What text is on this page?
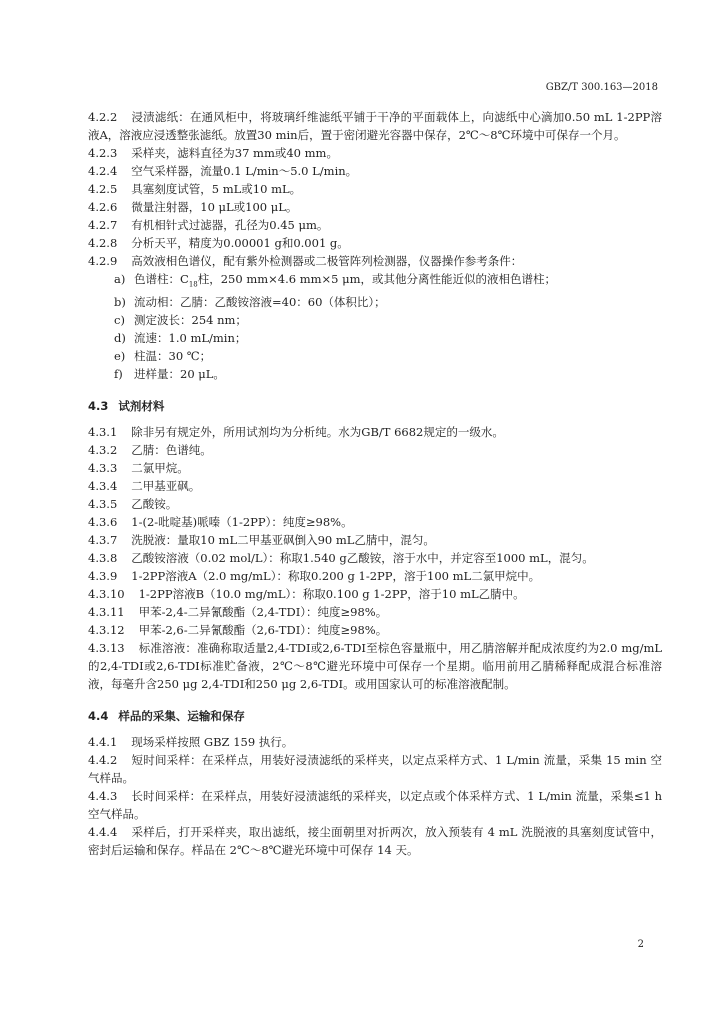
GBZ/T 300.163—2018

4.2.2 浸渍滤纸：在通风柜中，将玻璃纤维滤纸平铺于干净的平面载体上，向滤纸中心滴加0.50 mL 1-2PP溶液A，溶液应浸透整张滤纸。放置30 min后，置于密闭避光容器中保存，2℃～8℃环境中可保存一个月。

4.2.3 采样夹，滤料直径为37 mm或40 mm。

4.2.4 空气采样器，流量0.1 L/min～5.0 L/min。

4.2.5 具塞刻度试管，5 mL或10 mL。

4.2.6 微量注射器，10 μL或100 μL。

4.2.7 有机相针式过滤器，孔径为0.45 μm。

4.2.8 分析天平，精度为0.00001 g和0.001 g。

4.2.9 高效液相色谱仪，配有紫外检测器或二极管阵列检测器，仪器操作参考条件：

a) 色谱柱：$C_{18}$柱，250 mm×4.6 mm×5 μm，或其他分离性能近似的液相色谱柱；

b) 流动相：乙腈：乙酸铵溶液=40：60（体积比）；

c) 测定波长：254 nm；

d) 流速：1.0 mL/min；

e) 柱温：30 ℃；

f) 进样量：20 μL。

4.3 试剂材料

4.3.1 除非另有规定外，所用试剂均为分析纯。水为GB/T 6682规定的一级水。

4.3.2 乙腈：色谱纯。

4.3.3 二氯甲烷。

4.3.4 二甲基亚砜。

4.3.5 乙酸铵。

4.3.6 1-(2-吡啶基)哌嗪（1-2PP）：纯度≥98%。

4.3.7 洗脱液：量取10 mL二甲基亚砜倒入90 mL乙腈中，混匀。

4.3.8 乙酸铵溶液（0.02 mol/L）：称取1.540 g乙酸铵，溶于水中，并定容至1000 mL，混匀。

4.3.9 1-2PP溶液A（2.0 mg/mL）：称取0.200 g 1-2PP，溶于100 mL二氯甲烷中。

4.3.10 1-2PP溶液B（10.0 mg/mL）：称取0.100 g 1-2PP，溶于10 mL乙腈中。

4.3.11 甲苯-2,4-二异氰酸酯（2,4-TDI）：纯度≥98%。

4.3.12 甲苯-2,6-二异氰酸酯（2,6-TDI）：纯度≥98%。

4.3.13 标准溶液：准确称取适量2,4-TDI或2,6-TDI至棕色容量瓶中，用乙腈溶解并配成浓度约为2.0 mg/mL的2,4-TDI或2,6-TDI标准贮备液，2℃～8℃避光环境中可保存一个星期。临用前用乙腈稀释配成混合标准溶液，每毫升含250 μg 2,4-TDI和250 μg 2,6-TDI。或用国家认可的标准溶液配制。

4.4 样品的采集、运输和保存

4.4.1 现场采样按照 GBZ 159 执行。

4.4.2 短时间采样：在采样点，用装好浸渍滤纸的采样夹，以定点采样方式、1 L/min 流量，采集 15 min 空气样品。

4.4.3 长时间采样：在采样点，用装好浸渍滤纸的采样夹，以定点或个体采样方式、1 L/min 流量，采集≤1 h 空气样品。

4.4.4 采样后，打开采样夹，取出滤纸，接尘面朝里对折两次，放入预装有 4 mL 洗脱液的具塞刻度试管中，密封后运输和保存。样品在 2℃～8℃避光环境中可保存 14 天。

2
